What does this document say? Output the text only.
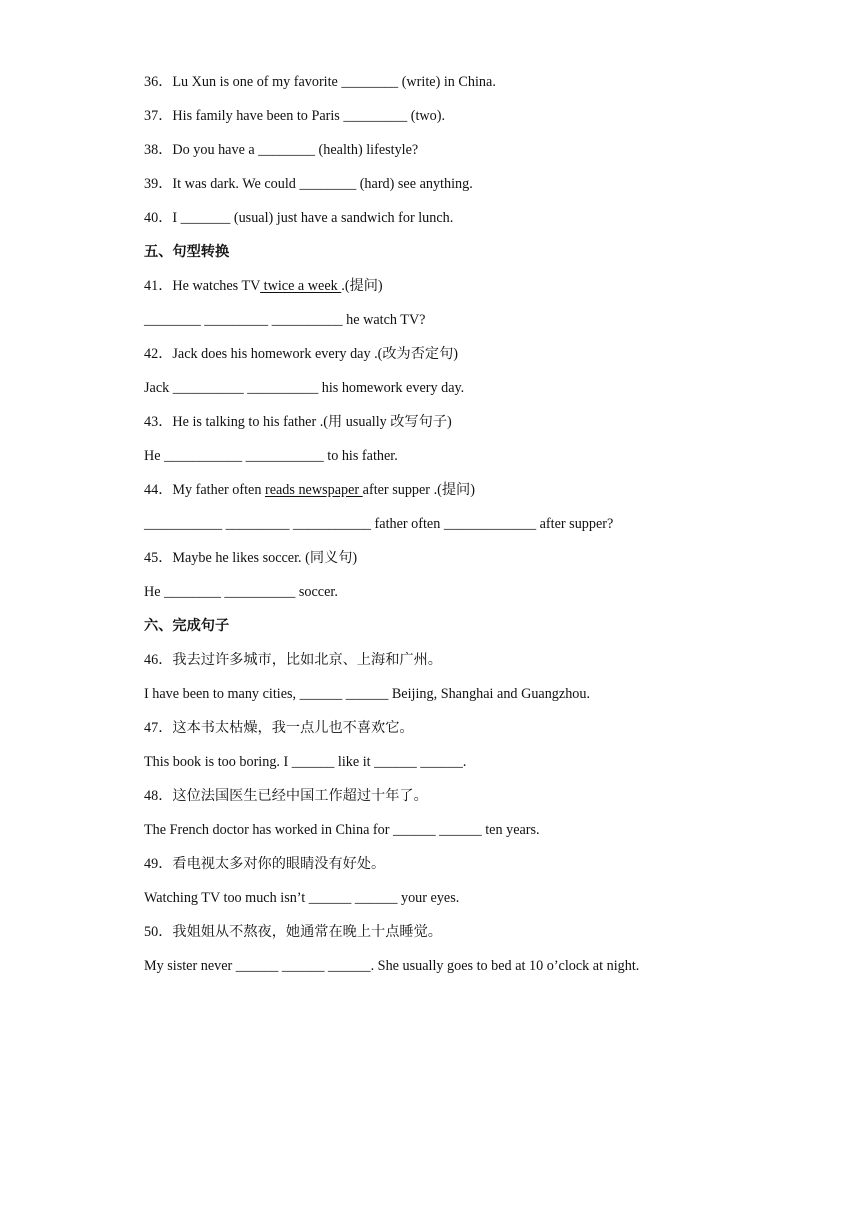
36．Lu Xun is one of my favorite ________ (write) in China.
37．His family have been to Paris _________ (two).
38．Do you have a ________ (health) lifestyle?
39．It was dark. We could ________ (hard) see anything.
40．I _______ (usual) just have a sandwich for lunch.
五、句型转换
41．He watches TV twice a week .(提问)
________ _________ __________ he watch TV?
42．Jack does his homework every day .(改为否定句)
Jack __________ __________ his homework every day.
43．He is talking to his father .(用 usually 改写句子)
He ___________ ___________ to his father.
44．My father often reads newspaper after supper .(提问)
___________ _________ ___________ father often _____________ after supper?
45．Maybe he likes soccer. (同义句)
He ________ __________ soccer.
六、完成句子
46．我去过许多城市，比如北京、上海和广州。
I have been to many cities, ______ ______ Beijing, Shanghai and Guangzhou.
47．这本书太枯燥，我一点儿也不喜欢它。
This book is too boring. I ______ like it ______ ______.
48．这位法国医生已经中国工作超过十年了。
The French doctor has worked in China for ______ ______ ten years.
49．看电视太多对你的眼睛没有好处。
Watching TV too much isn’t ______ ______ your eyes.
50．我姐姐从不熬夜，她通常在晚上十点睡觉。
My sister never ______ ______ ______. She usually goes to bed at 10 o’clock at night.
